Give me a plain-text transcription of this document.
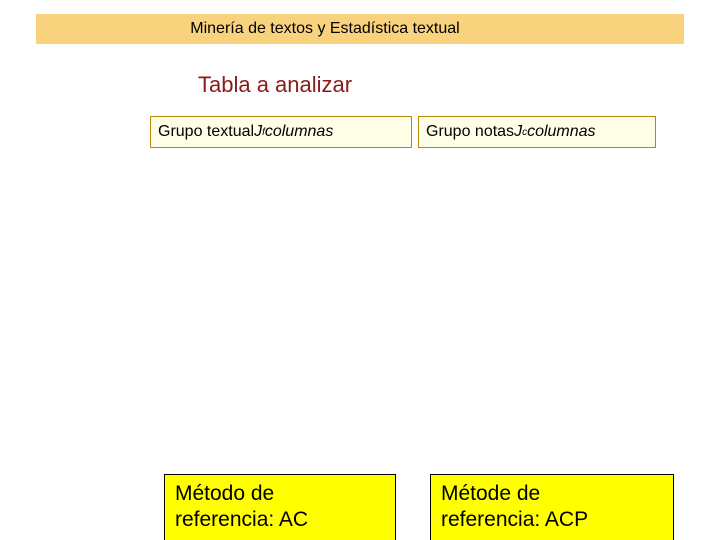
Minería de textos y Estadística textual
Tabla a analizar
Grupo textual J f columnas	Grupo notas J c columnas
Método de
referencia: AC
Métode de
referencia: ACP
